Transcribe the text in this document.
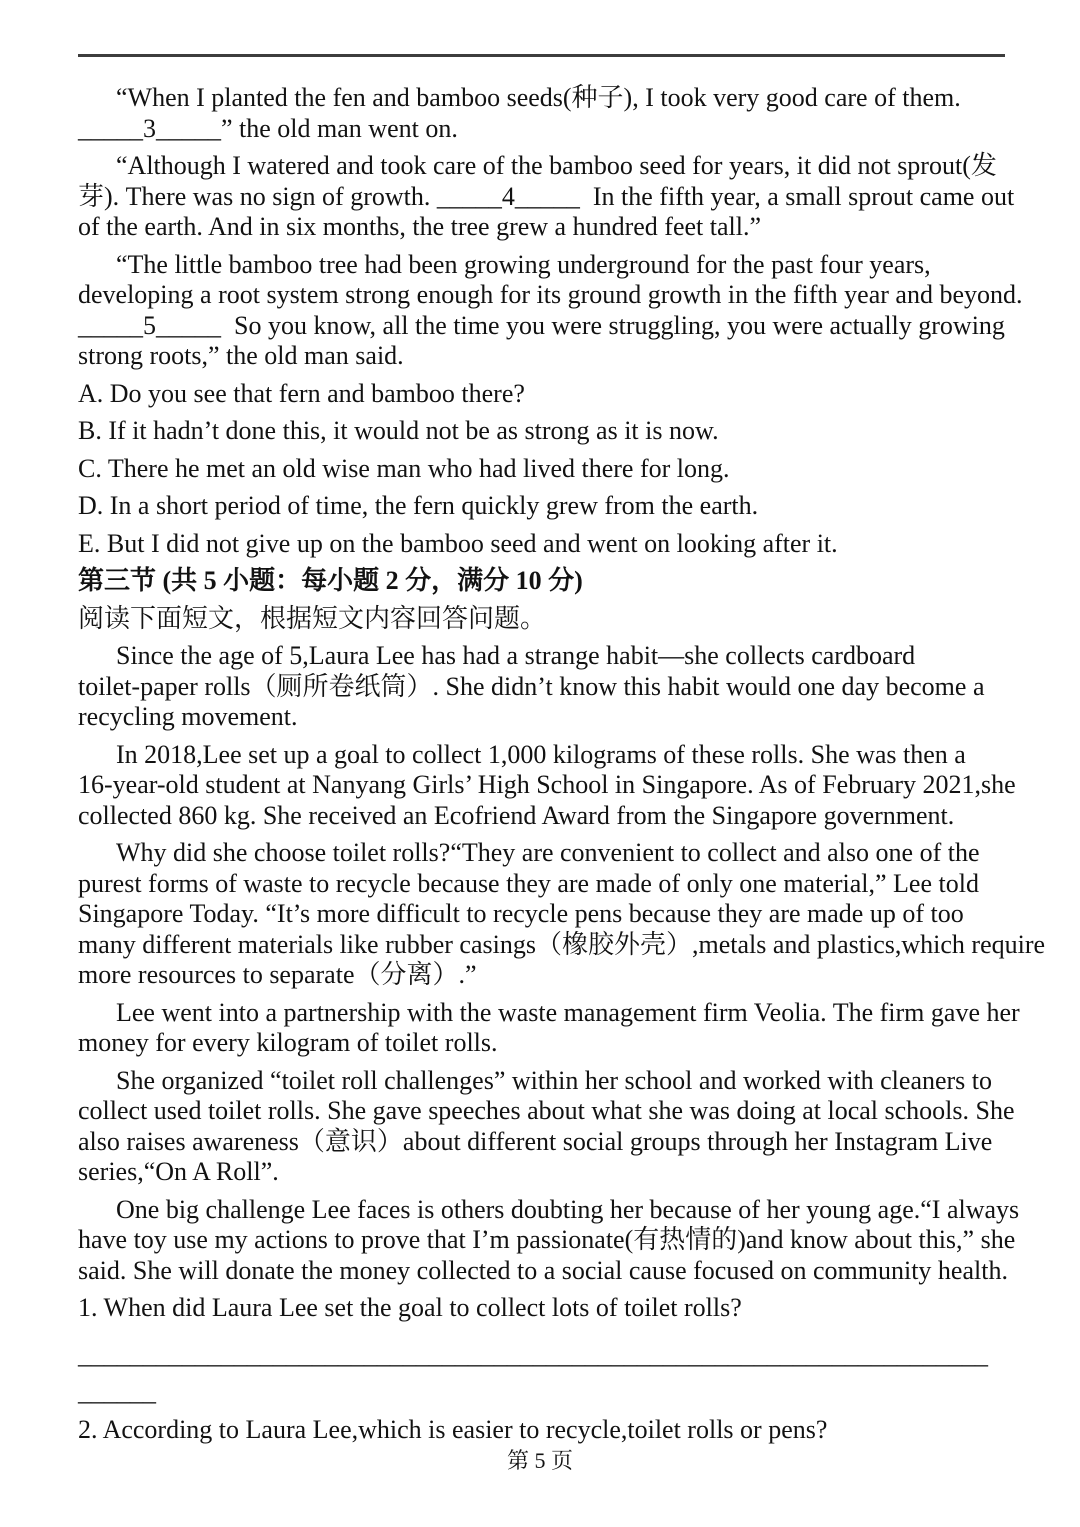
“When I planted the fen and bamboo seeds(种子), I took very good care of them.
_____3_____” the old man went on.
“Although I watered and took care of the bamboo seed for years, it did not sprout(发
芽). There was no sign of growth. _____4_____  In the fifth year, a small sprout came out
of the earth. And in six months, the tree grew a hundred feet tall.”
“The little bamboo tree had been growing underground for the past four years,
developing a root system strong enough for its ground growth in the fifth year and beyond.
_____5_____  So you know, all the time you were struggling, you were actually growing
strong roots,” the old man said.
A. Do you see that fern and bamboo there?
B. If it hadn’t done this, it would not be as strong as it is now.
C. There he met an old wise man who had lived there for long.
D. In a short period of time, the fern quickly grew from the earth.
E. But I did not give up on the bamboo seed and went on looking after it.
第三节 (共 5 小题：每小题 2 分，满分 10 分)
阅读下面短文，根据短文内容回答问题。
Since the age of 5,Laura Lee has had a strange habit—she collects cardboard
toilet-paper rolls（厕所卷纸筒）. She didn’t know this habit would one day become a
recycling movement.
In 2018,Lee set up a goal to collect 1,000 kilograms of these rolls. She was then a
16-year-old student at Nanyang Girls’ High School in Singapore. As of February 2021,she
collected 860 kg. She received an Ecofriend Award from the Singapore government.
Why did she choose toilet rolls?“They are convenient to collect and also one of the
purest forms of waste to recycle because they are made of only one material,” Lee told
Singapore Today. “It’s more difficult to recycle pens because they are made up of too
many different materials like rubber casings（橡胶外壳）,metals and plastics,which require
more resources to separate（分离）.”
Lee went into a partnership with the waste management firm Veolia. The firm gave her
money for every kilogram of toilet rolls.
She organized “toilet roll challenges” within her school and worked with cleaners to
collect used toilet rolls. She gave speeches about what she was doing at local schools. She
also raises awareness（意识）about different social groups through her Instagram Live
series,“On A Roll”.
One big challenge Lee faces is others doubting her because of her young age.“I always
have toy use my actions to prove that I’m passionate(有热情的)and know about this,” she
said. She will donate the money collected to a social cause focused on community health.
1. When did Laura Lee set the goal to collect lots of toilet rolls?
______________________________________________________________________
______
2. According to Laura Lee,which is easier to recycle,toilet rolls or pens?
第 5 页
